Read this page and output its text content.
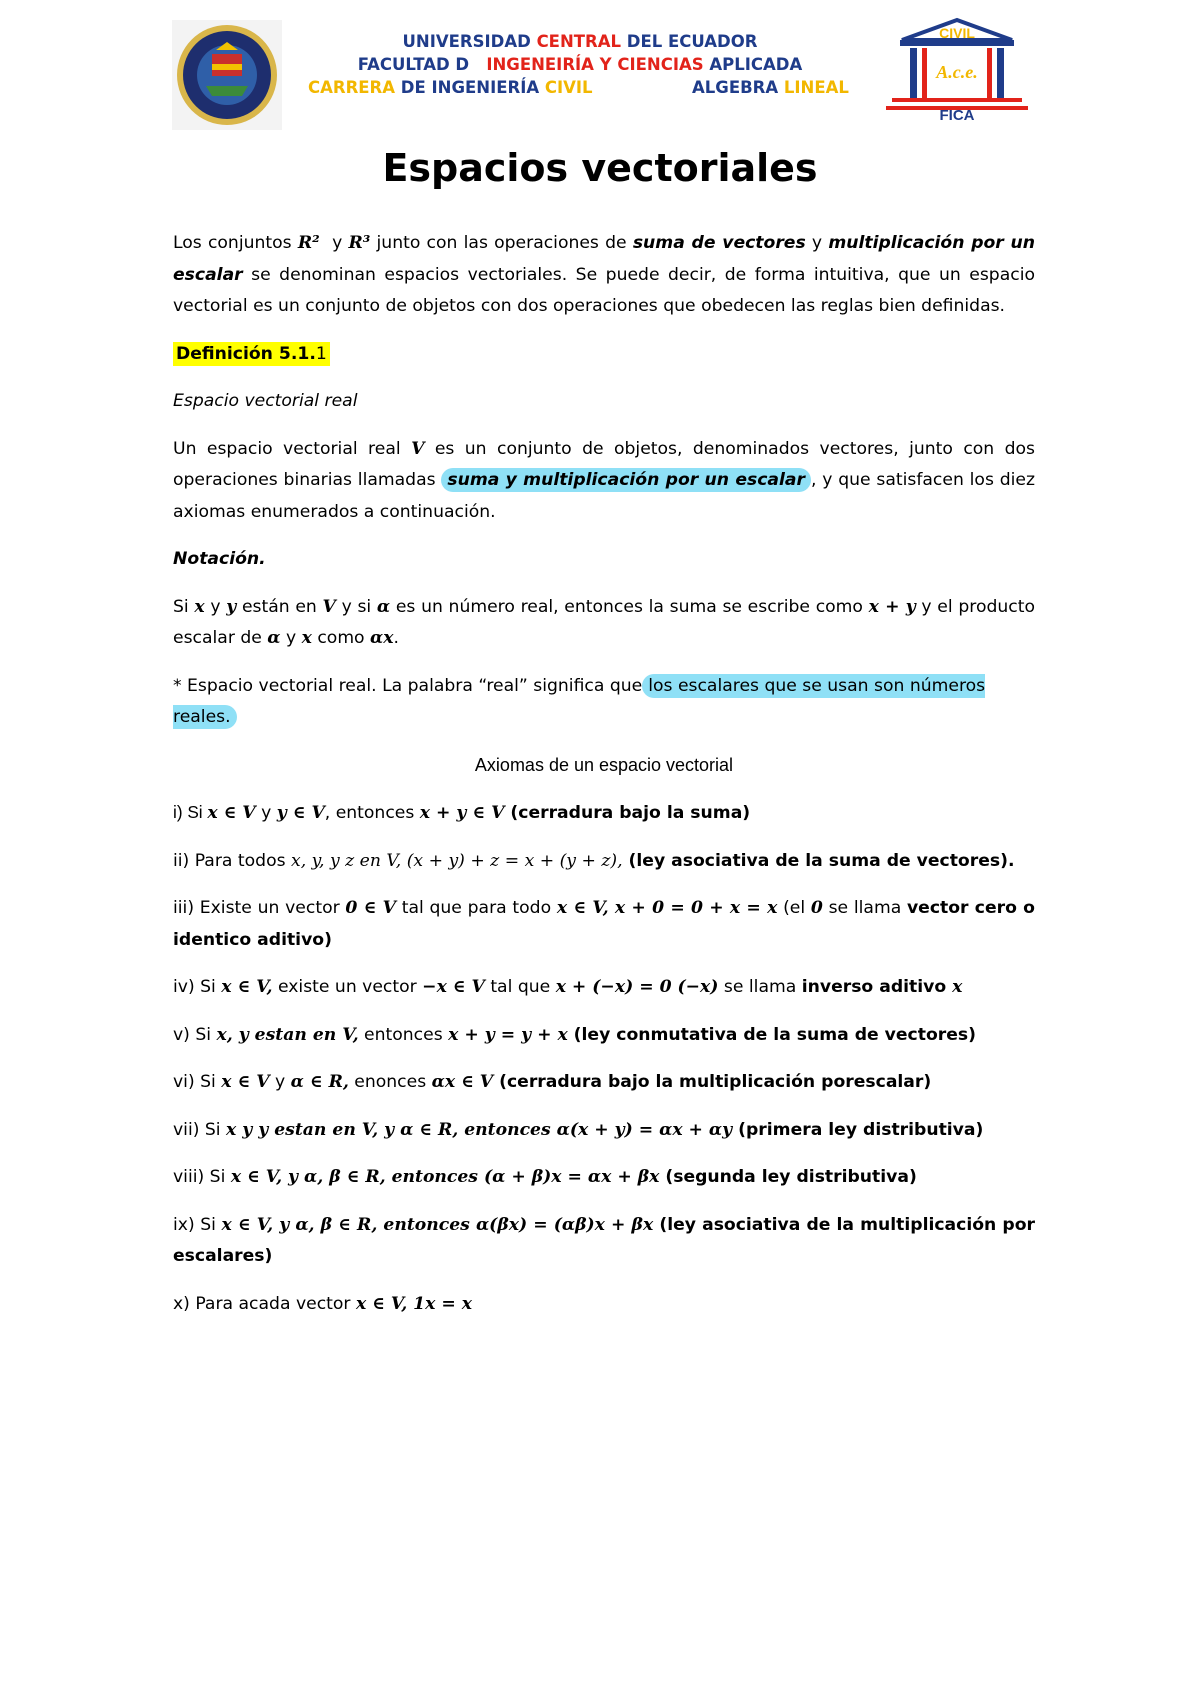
UNIVERSIDAD CENTRAL DEL ECUADOR
FACULTAD D   INGENEIRÍA Y CIENCIAS APLICADA
CARRERA DE INGENIERÍA CIVIL	ALGEBRA LINEAL
CIVIL
A.c.e.
FICA
Espacios vectoriales

Los conjuntos R²  y R³ junto con las operaciones de suma de vectores y multiplicación por un escalar se denominan espacios vectoriales. Se puede decir, de forma intuitiva, que un espacio vectorial es un conjunto de objetos con dos operaciones que obedecen las reglas bien definidas.

Definición 5.1.1

Espacio vectorial real

Un espacio vectorial real V es un conjunto de objetos, denominados vectores, junto con dos operaciones binarias llamadas suma y multiplicación por un escalar , y que satisfacen los diez axiomas enumerados a continuación.

Notación.

Si x y y están en V y si α es un número real, entonces la suma se escribe como x + y y el producto escalar de α y x como αx.

* Espacio vectorial real. La palabra “real” significa que los escalares que se usan son números reales.

Axiomas de un espacio vectorial

i) Si x ∈ V y y ∈ V, entonces x + y ∈ V (cerradura bajo la suma)

ii) Para todos x, y, y z en V, (x + y) + z = x + (y + z), (ley asociativa de la suma de vectores).

iii) Existe un vector 0 ∈ V tal que para todo x ∈ V, x + 0 = 0 + x = x (el 0 se llama vector cero o identico aditivo)

iv) Si x ∈ V, existe un vector −x ∈ V tal que x + (−x) = 0 (−x) se llama inverso aditivo x

v) Si x, y estan en V, entonces x + y = y + x (ley conmutativa de la suma de vectores)

vi) Si x ∈ V y α ∈ R, enonces αx ∈ V (cerradura bajo la multiplicación porescalar)

vii) Si x y y estan en V, y α ∈ R, entonces α(x + y) = αx + αy (primera ley distributiva)

viii) Si x ∈ V, y α, β ∈ R, entonces (α + β)x = αx + βx (segunda ley distributiva)

ix) Si x ∈ V, y α, β ∈ R, entonces α(βx) = (αβ)x + βx (ley asociativa de la multiplicación por escalares)

x) Para acada vector x ∈ V, 1x = x
